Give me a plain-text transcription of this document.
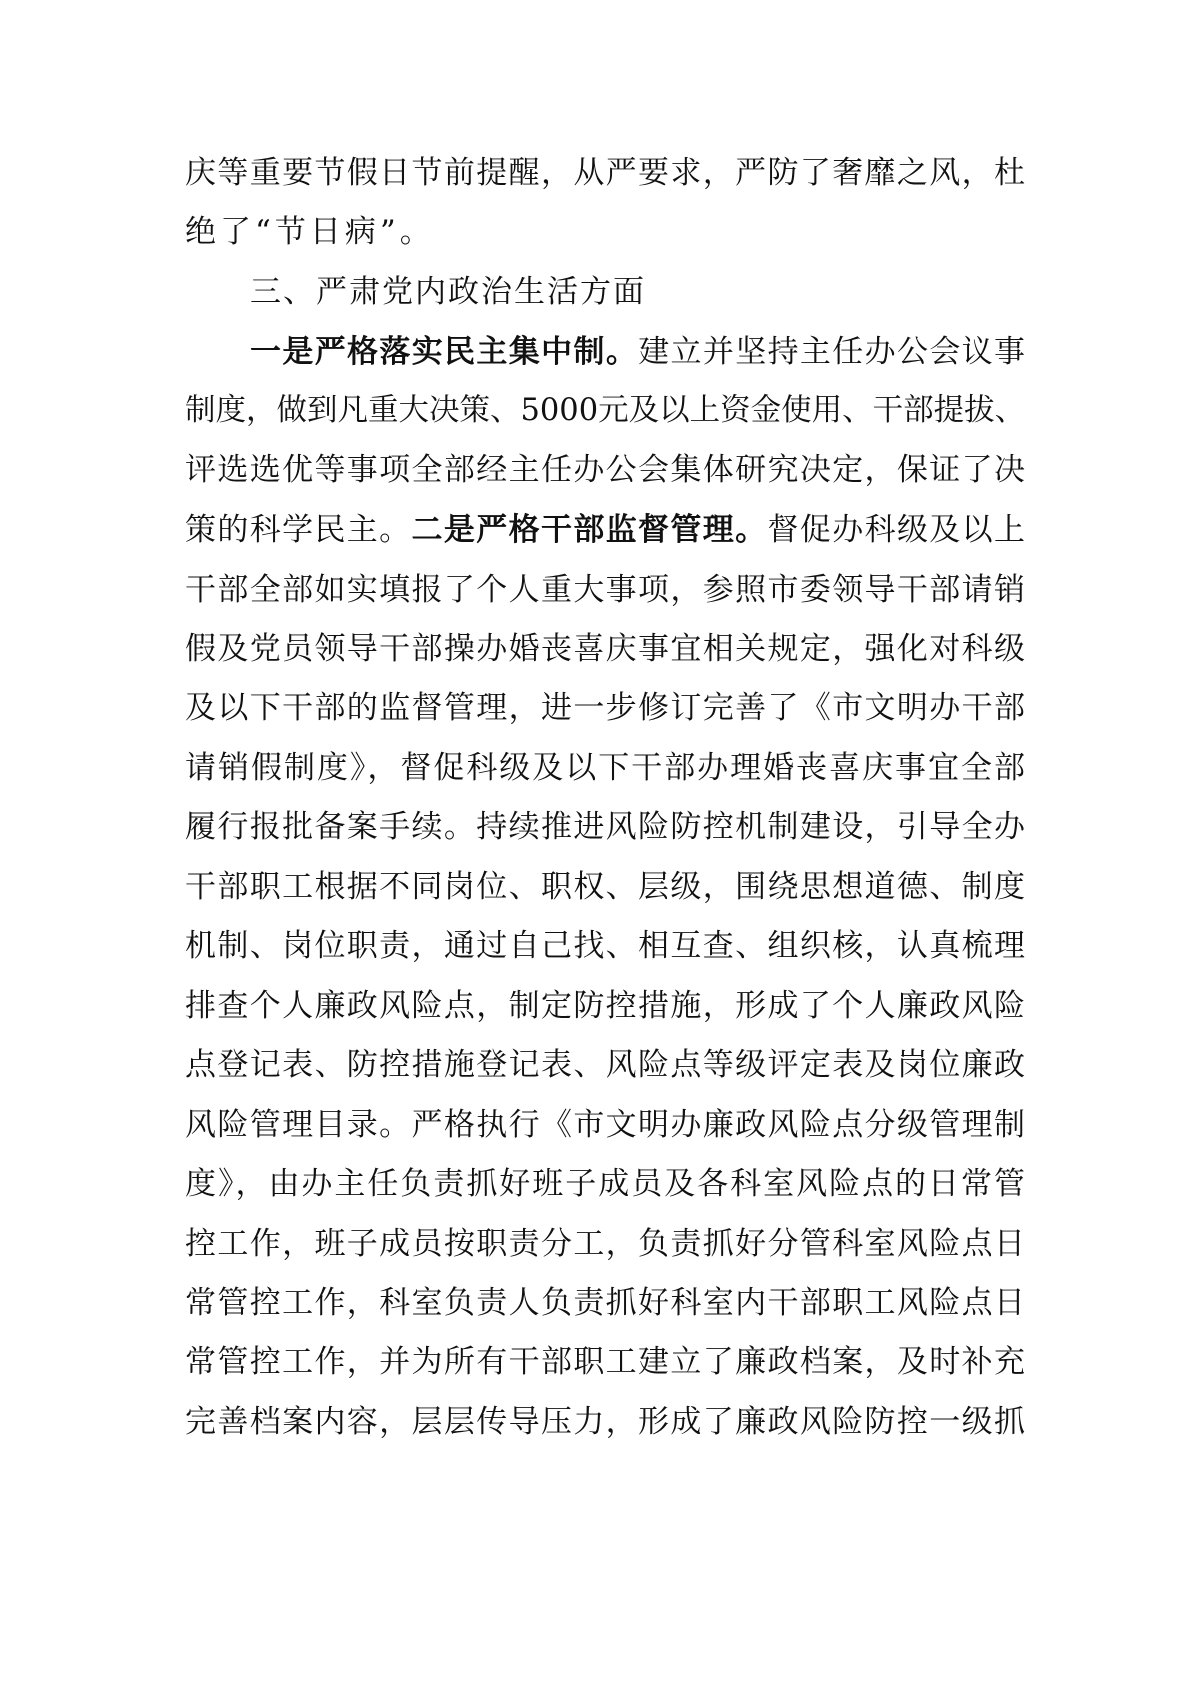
庆等重要节假日节前提醒，从严要求，严防了奢靡之风，杜
绝了“节日病”。
三、严肃党内政治生活方面
一是严格落实民主集中制。建立并坚持主任办公会议事
制度，做到凡重大决策、5000元及以上资金使用、干部提拔、
评选选优等事项全部经主任办公会集体研究决定，保证了决
策的科学民主。二是严格干部监督管理。督促办科级及以上
干部全部如实填报了个人重大事项，参照市委领导干部请销
假及党员领导干部操办婚丧喜庆事宜相关规定，强化对科级
及以下干部的监督管理，进一步修订完善了《市文明办干部
请销假制度》，督促科级及以下干部办理婚丧喜庆事宜全部
履行报批备案手续。持续推进风险防控机制建设，引导全办
干部职工根据不同岗位、职权、层级，围绕思想道德、制度
机制、岗位职责，通过自己找、相互查、组织核，认真梳理
排查个人廉政风险点，制定防控措施，形成了个人廉政风险
点登记表、防控措施登记表、风险点等级评定表及岗位廉政
风险管理目录。严格执行《市文明办廉政风险点分级管理制
度》，由办主任负责抓好班子成员及各科室风险点的日常管
控工作，班子成员按职责分工，负责抓好分管科室风险点日
常管控工作，科室负责人负责抓好科室内干部职工风险点日
常管控工作，并为所有干部职工建立了廉政档案，及时补充
完善档案内容，层层传导压力，形成了廉政风险防控一级抓
